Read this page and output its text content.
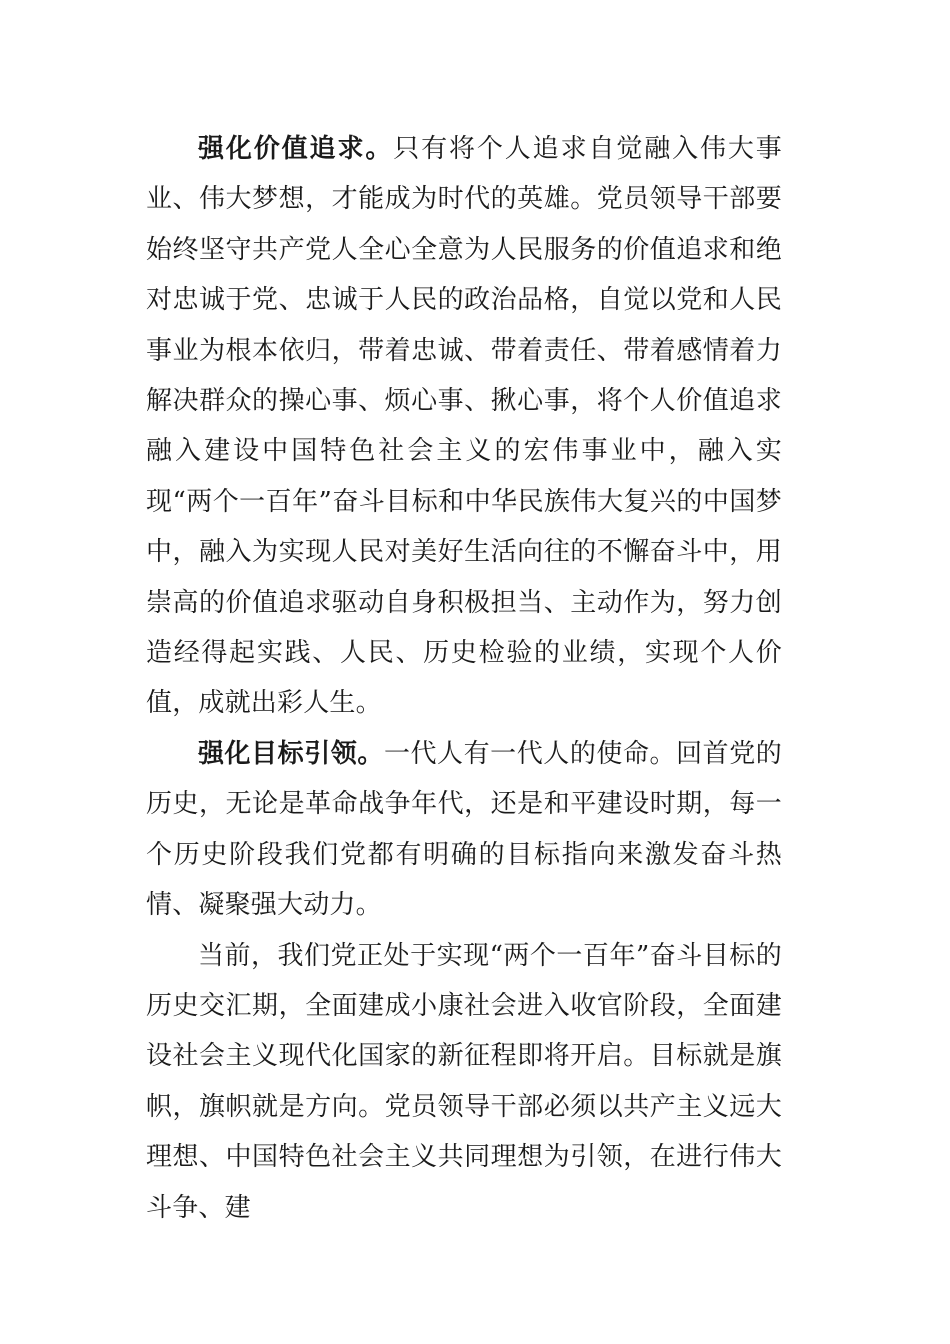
强化价值追求。只有将个人追求自觉融入伟大事业、伟大梦想，才能成为时代的英雄。党员领导干部要始终坚守共产党人全心全意为人民服务的价值追求和绝对忠诚于党、忠诚于人民的政治品格，自觉以党和人民事业为根本依归，带着忠诚、带着责任、带着感情着力解决群众的操心事、烦心事、揪心事，将个人价值追求融入建设中国特色社会主义的宏伟事业中，融入实现“两个一百年”奋斗目标和中华民族伟大复兴的中国梦中，融入为实现人民对美好生活向往的不懈奋斗中，用崇高的价值追求驱动自身积极担当、主动作为，努力创造经得起实践、人民、历史检验的业绩，实现个人价值，成就出彩人生。

强化目标引领。一代人有一代人的使命。回首党的历史，无论是革命战争年代，还是和平建设时期，每一个历史阶段我们党都有明确的目标指向来激发奋斗热情、凝聚强大动力。

当前，我们党正处于实现“两个一百年”奋斗目标的历史交汇期，全面建成小康社会进入收官阶段，全面建设社会主义现代化国家的新征程即将开启。目标就是旗帜，旗帜就是方向。党员领导干部必须以共产主义远大理想、中国特色社会主义共同理想为引领，在进行伟大斗争、建
